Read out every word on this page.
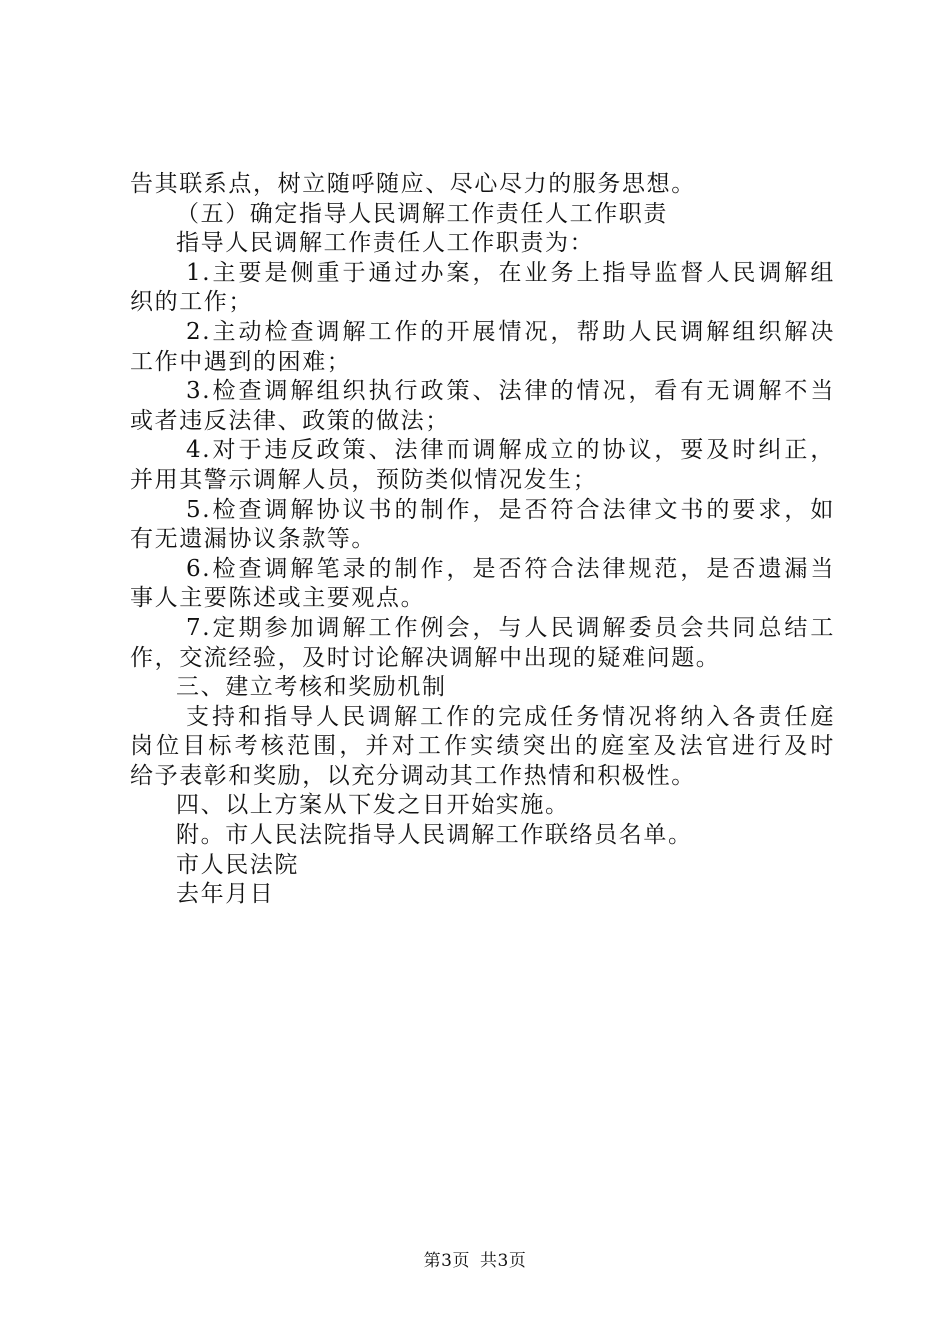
告其联系点，树立随呼随应、尽心尽力的服务思想。
（五）确定指导人民调解工作责任人工作职责
指导人民调解工作责任人工作职责为：
1.主要是侧重于通过办案，在业务上指导监督人民调解组
织的工作；
2.主动检查调解工作的开展情况，帮助人民调解组织解决
工作中遇到的困难；
3.检查调解组织执行政策、法律的情况，看有无调解不当
或者违反法律、政策的做法；
4.对于违反政策、法律而调解成立的协议，要及时纠正，
并用其警示调解人员，预防类似情况发生；
5.检查调解协议书的制作，是否符合法律文书的要求，如
有无遗漏协议条款等。
6.检查调解笔录的制作，是否符合法律规范，是否遗漏当
事人主要陈述或主要观点。
7.定期参加调解工作例会，与人民调解委员会共同总结工
作，交流经验，及时讨论解决调解中出现的疑难问题。
三、建立考核和奖励机制
支持和指导人民调解工作的完成任务情况将纳入各责任庭
岗位目标考核范围，并对工作实绩突出的庭室及法官进行及时
给予表彰和奖励，以充分调动其工作热情和积极性。
四、以上方案从下发之日开始实施。
附。市人民法院指导人民调解工作联络员名单。
市人民法院
去年月日
第3页 共3页
